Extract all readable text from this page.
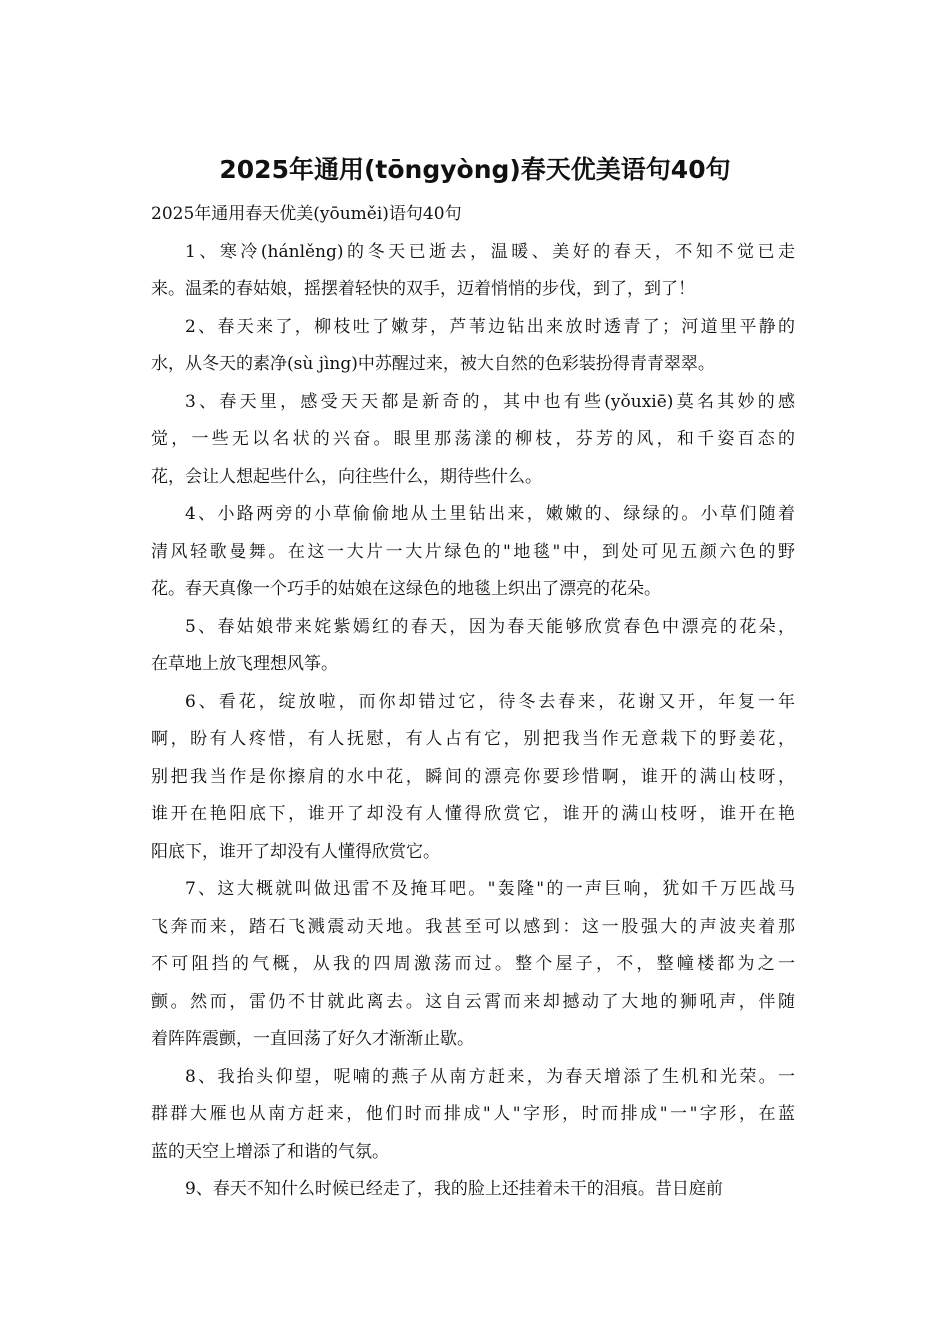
2025年通用(tōngyòng)春天优美语句40句

2025年通用春天优美(yōuměi)语句40句

1、寒冷(hánlěng)的冬天已逝去，温暖、美好的春天，不知不觉已走
来。温柔的春姑娘，摇摆着轻快的双手，迈着悄悄的步伐，到了，到了！
2、春天来了，柳枝吐了嫩芽，芦苇边钻出来放时透青了；河道里平静的
水，从冬天的素净(sù jìng)中苏醒过来，被大自然的色彩装扮得青青翠翠。
3、春天里，感受天天都是新奇的，其中也有些(yǒuxiē)莫名其妙的感
觉，一些无以名状的兴奋。眼里那荡漾的柳枝，芬芳的风，和千姿百态的
花，会让人想起些什么，向往些什么，期待些什么。
4、小路两旁的小草偷偷地从土里钻出来，嫩嫩的、绿绿的。小草们随着
清风轻歌曼舞。在这一大片一大片绿色的"地毯"中，到处可见五颜六色的野
花。春天真像一个巧手的姑娘在这绿色的地毯上织出了漂亮的花朵。
5、春姑娘带来姹紫嫣红的春天，因为春天能够欣赏春色中漂亮的花朵，
在草地上放飞理想风筝。
6、看花，绽放啦，而你却错过它，待冬去春来，花谢又开，年复一年
啊，盼有人疼惜，有人抚慰，有人占有它，别把我当作无意栽下的野姜花，
别把我当作是你擦肩的水中花，瞬间的漂亮你要珍惜啊，谁开的满山枝呀，
谁开在艳阳底下，谁开了却没有人懂得欣赏它，谁开的满山枝呀，谁开在艳
阳底下，谁开了却没有人懂得欣赏它。
7、这大概就叫做迅雷不及掩耳吧。"轰隆"的一声巨响，犹如千万匹战马
飞奔而来，踏石飞溅震动天地。我甚至可以感到：这一股强大的声波夹着那
不可阻挡的气概，从我的四周激荡而过。整个屋子，不，整幢楼都为之一
颤。然而，雷仍不甘就此离去。这自云霄而来却撼动了大地的狮吼声，伴随
着阵阵震颤，一直回荡了好久才渐渐止歇。
8、我抬头仰望，呢喃的燕子从南方赶来，为春天增添了生机和光荣。一
群群大雁也从南方赶来，他们时而排成"人"字形，时而排成"一"字形，在蓝
蓝的天空上增添了和谐的气氛。
9、春天不知什么时候已经走了，我的脸上还挂着未干的泪痕。昔日庭前
